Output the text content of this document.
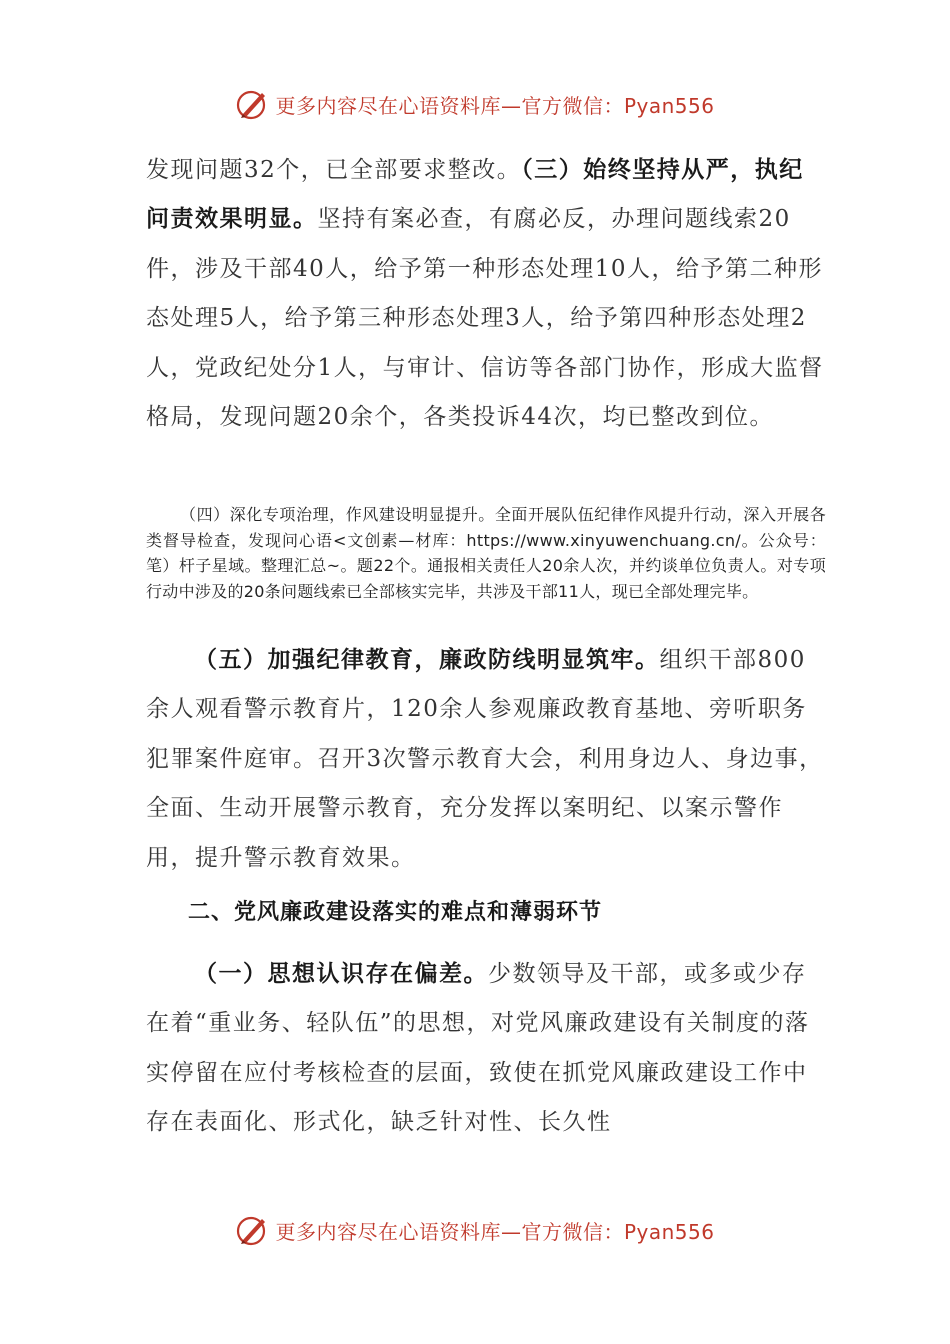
更多内容尽在心语资料库—官方微信：Pyan556

发现问题32个，已全部要求整改。（三）始终坚持从严，执纪问责效果明显。坚持有案必查，有腐必反，办理问题线索20件，涉及干部40人，给予第一种形态处理10人，给予第二种形态处理5人，给予第三种形态处理3人，给予第四种形态处理2人，党政纪处分1人，与审计、信访等各部门协作，形成大监督格局，发现问题20余个，各类投诉44次，均已整改到位。

（四）深化专项治理，作风建设明显提升。全面开展队伍纪律作风提升行动，深入开展各类督导检查，发现问心语<文创素—材库：https://www.xinyuwenchuang.cn/。公众号：笔）杆子星域。整理汇总~。题22个。通报相关责任人20余人次，并约谈单位负责人。对专项行动中涉及的20条问题线索已全部核实完毕，共涉及干部11人，现已全部处理完毕。

（五）加强纪律教育，廉政防线明显筑牢。组织干部800余人观看警示教育片，120余人参观廉政教育基地、旁听职务犯罪案件庭审。召开3次警示教育大会，利用身边人、身边事，全面、生动开展警示教育，充分发挥以案明纪、以案示警作用，提升警示教育效果。

二、党风廉政建设落实的难点和薄弱环节

（一）思想认识存在偏差。少数领导及干部，或多或少存在着“重业务、轻队伍”的思想，对党风廉政建设有关制度的落实停留在应付考核检查的层面，致使在抓党风廉政建设工作中存在表面化、形式化，缺乏针对性、长久性

更多内容尽在心语资料库—官方微信：Pyan556
